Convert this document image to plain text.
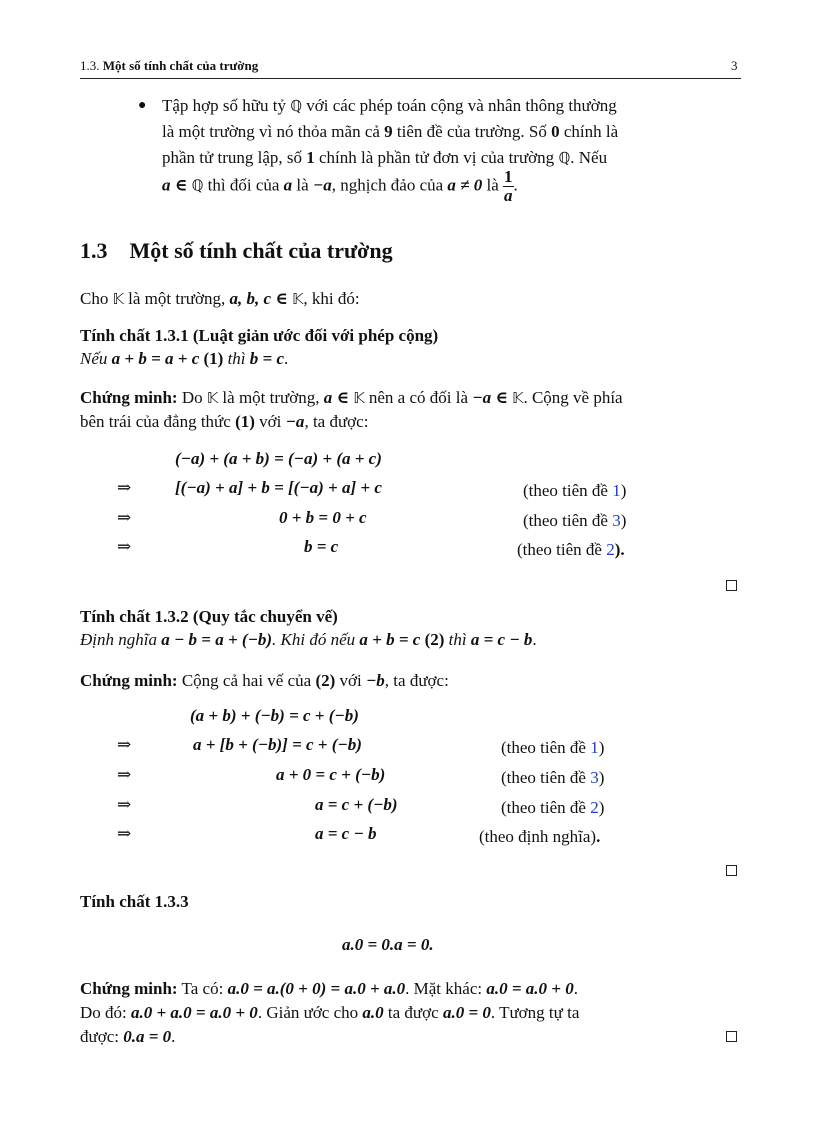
1.3. Một số tính chất của trường	3
● Tập hợp số hữu tỷ ℚ với các phép toán cộng và nhân thông thường
là một trường vì nó thỏa mãn cả 9 tiên đề của trường. Số 0 chính là
phần tử trung lập, số 1 chính là phần tử đơn vị của trường ℚ. Nếu
a ∈ ℚ thì đối của a là −a, nghịch đảo của a ≠ 0 là $\frac{1}{a}$ .
1.3 Một số tính chất của trường
Cho 𝕂 là một trường, a, b, c ∈ 𝕂, khi đó:
Tính chất 1.3.1 (Luật giản ước đối với phép cộng)
Nếu a + b = a + c (1) thì b = c.
Chứng minh: Do 𝕂 là một trường, a ∈ 𝕂 nên a có đối là −a ∈ 𝕂. Cộng về phía
bên trái của đẳng thức (1) với −a, ta được:
⇒
⇒
⇒
(−a) + (a + b) = (−a) + (a + c)
[(−a) + a] + b = [(−a) + a] + c
0 + b = 0 + c
b = c
(theo tiên đề 1)
(theo tiên đề 3)
(theo tiên đề 2).
Tính chất 1.3.2 (Quy tắc chuyển vế)
Định nghĩa a − b = a + (−b). Khi đó nếu a + b = c (2) thì a = c − b.
Chứng minh: Cộng cả hai vế của (2) với −b, ta được:
⇒
⇒
⇒
⇒
(a + b) + (−b) = c + (−b)
a + [b + (−b)] = c + (−b)
a + 0 = c + (−b)
a = c + (−b)
a = c − b
(theo tiên đề 1)
(theo tiên đề 3)
(theo tiên đề 2)
(theo định nghĩa).
Tính chất 1.3.3
a.0 = 0.a = 0.
Chứng minh: Ta có: a.0 = a.(0 + 0) = a.0 + a.0. Mặt khác: a.0 = a.0 + 0.
Do đó: a.0 + a.0 = a.0 + 0. Giản ước cho a.0 ta được a.0 = 0. Tương tự ta
được: 0.a = 0.
